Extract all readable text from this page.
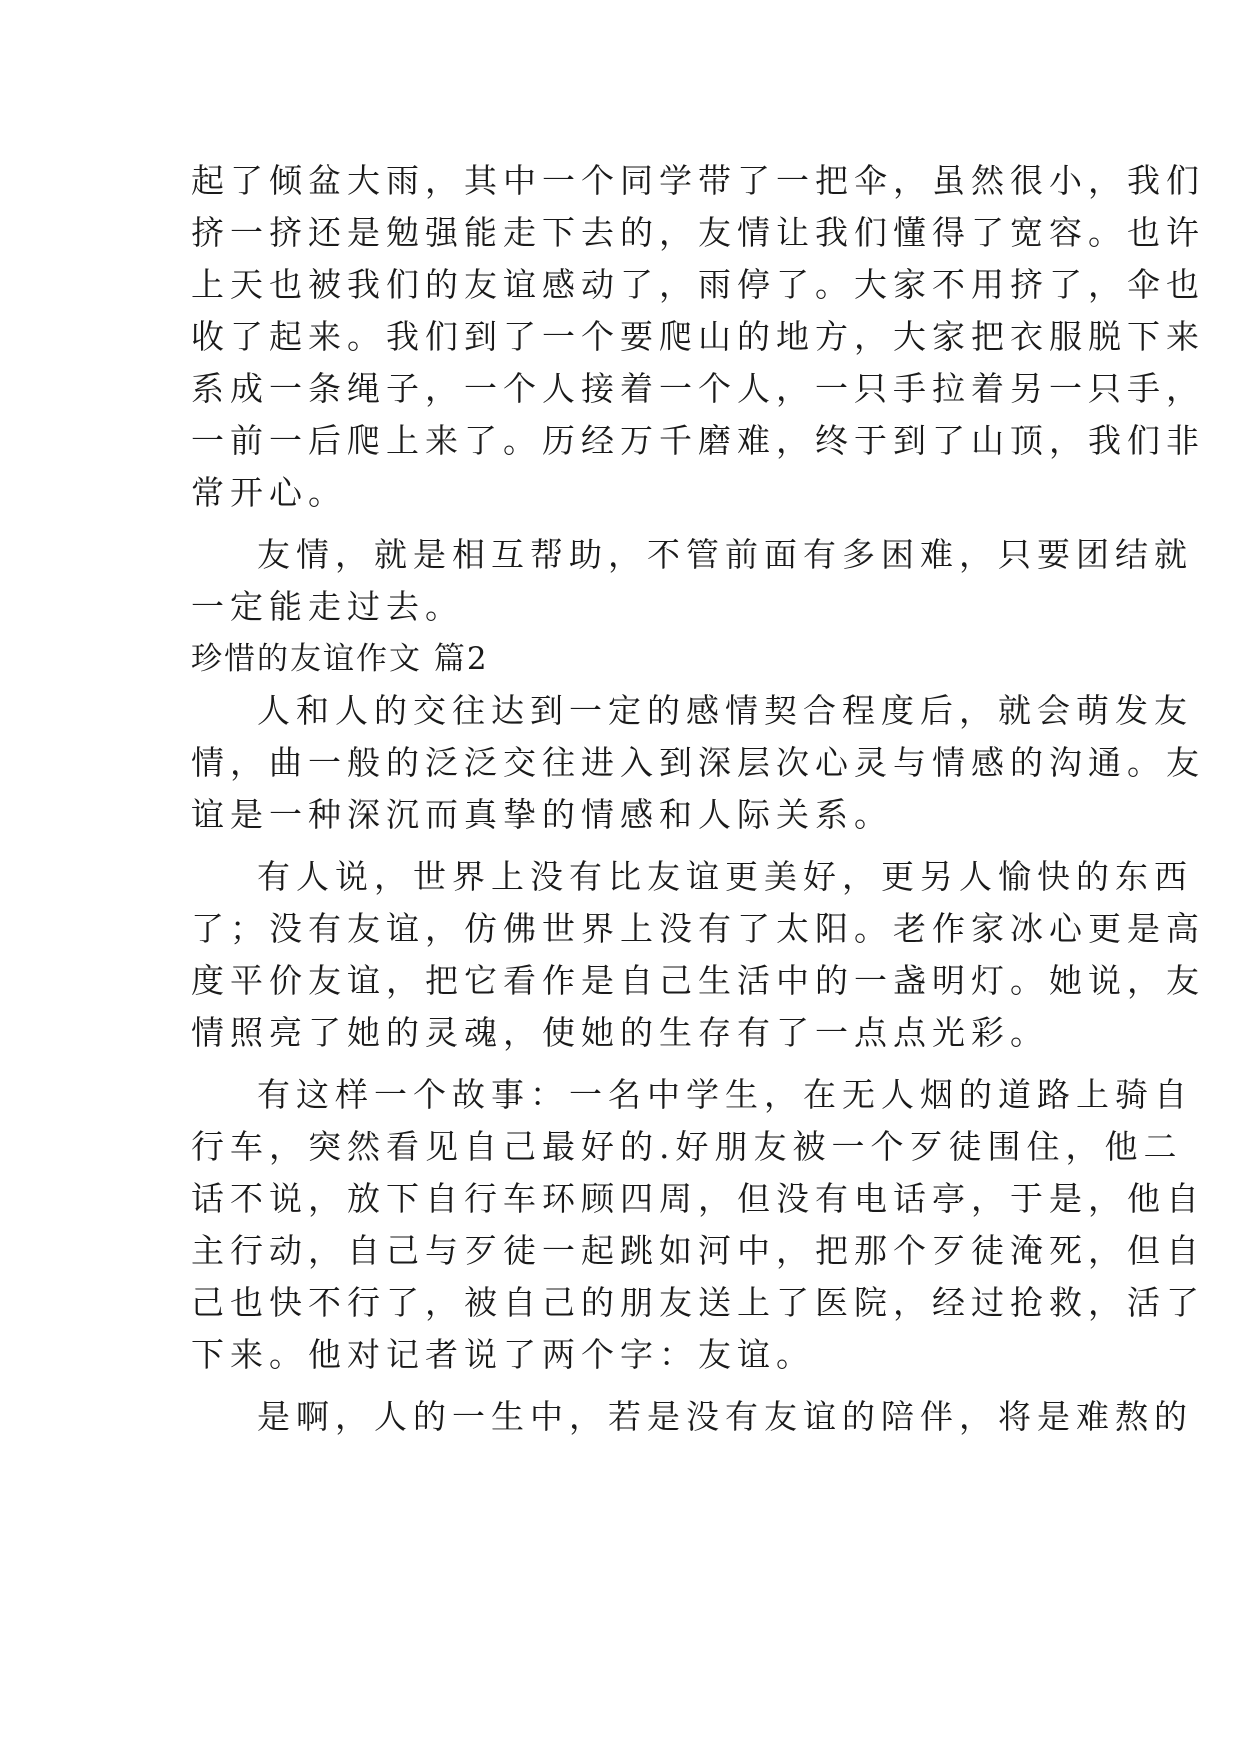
起了倾盆大雨，其中一个同学带了一把伞，虽然很小，我们
挤一挤还是勉强能走下去的，友情让我们懂得了宽容。也许
上天也被我们的友谊感动了，雨停了。大家不用挤了，伞也
收了起来。我们到了一个要爬山的地方，大家把衣服脱下来
系成一条绳子，一个人接着一个人，一只手拉着另一只手，
一前一后爬上来了。历经万千磨难，终于到了山顶，我们非
常开心。
友情，就是相互帮助，不管前面有多困难，只要团结就
一定能走过去。
珍惜的友谊作文 篇2
人和人的交往达到一定的感情契合程度后，就会萌发友
情，曲一般的泛泛交往进入到深层次心灵与情感的沟通。友
谊是一种深沉而真挚的情感和人际关系。
有人说，世界上没有比友谊更美好，更另人愉快的东西
了；没有友谊，仿佛世界上没有了太阳。老作家冰心更是高
度平价友谊，把它看作是自己生活中的一盏明灯。她说，友
情照亮了她的灵魂，使她的生存有了一点点光彩。
有这样一个故事：一名中学生，在无人烟的道路上骑自
行车，突然看见自己最好的.好朋友被一个歹徒围住，他二
话不说，放下自行车环顾四周，但没有电话亭，于是，他自
主行动，自己与歹徒一起跳如河中，把那个歹徒淹死，但自
己也快不行了，被自己的朋友送上了医院，经过抢救，活了
下来。他对记者说了两个字：友谊。
是啊，人的一生中，若是没有友谊的陪伴，将是难熬的
